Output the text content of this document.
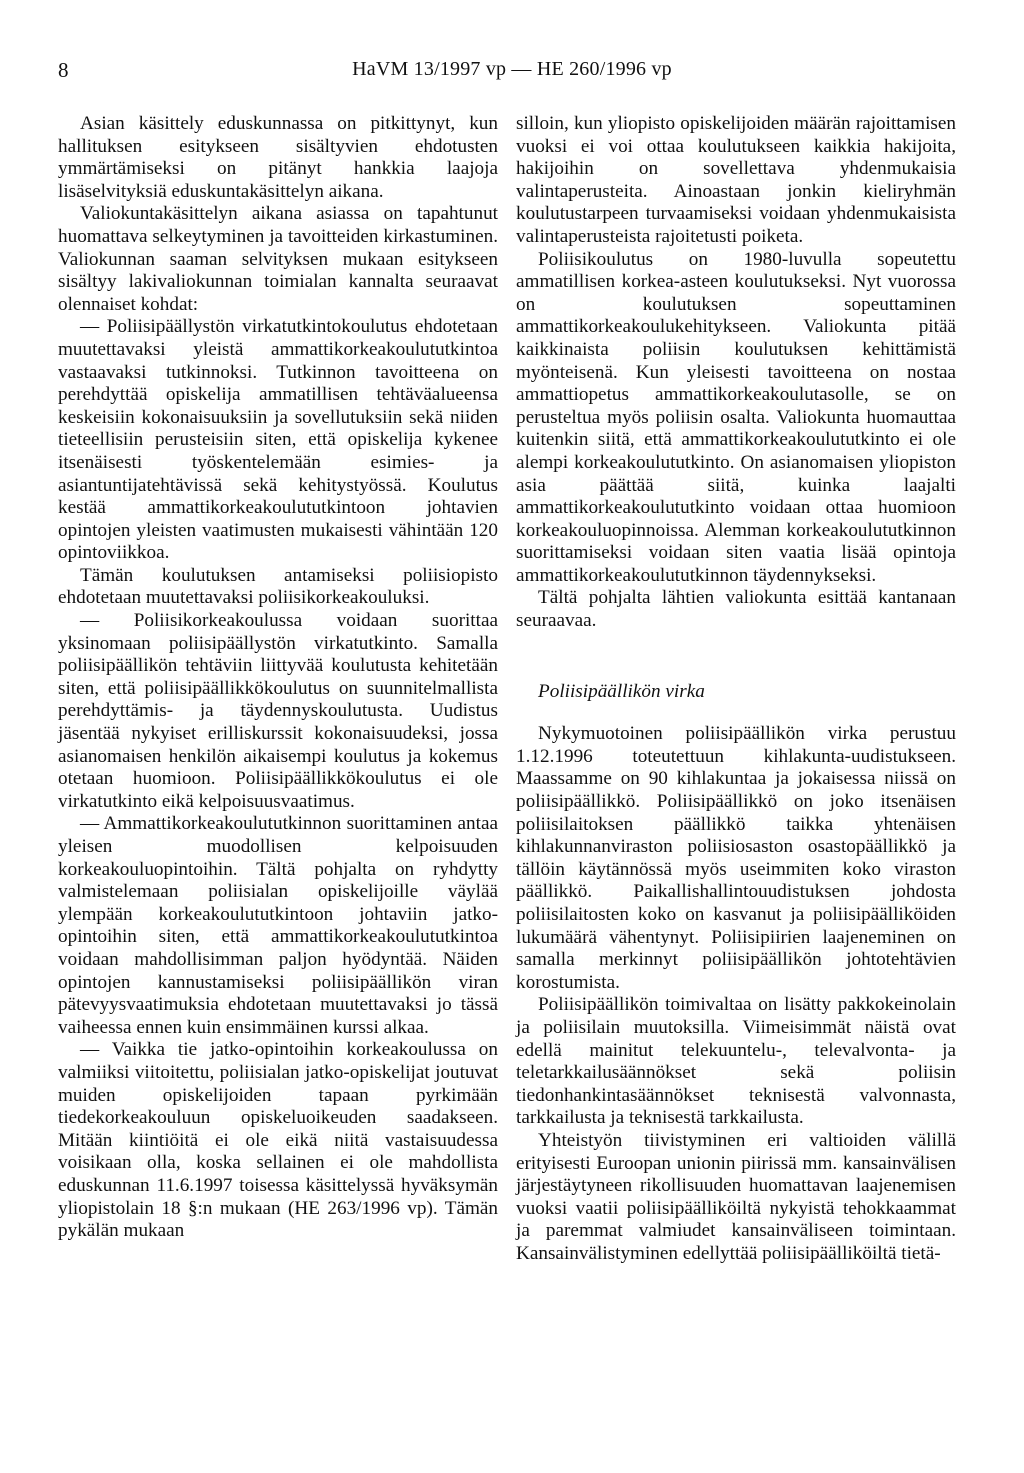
8	HaVM 13/1997 vp — HE 260/1996 vp

Asian käsittely eduskunnassa on pitkittynyt, kun hallituksen esitykseen sisältyvien ehdotusten ymmärtämiseksi on pitänyt hankkia laajoja lisäselvityksiä eduskuntakäsittelyn aikana.

Valiokuntakäsittelyn aikana asiassa on tapahtunut huomattava selkeytyminen ja tavoitteiden kirkastuminen. Valiokunnan saaman selvityksen mukaan esitykseen sisältyy lakivaliokunnan toimialan kannalta seuraavat olennaiset kohdat:

— Poliisipäällystön virkatutkintokoulutus ehdotetaan muutettavaksi yleistä ammattikorkeakoulututkintoa vastaavaksi tutkinnoksi. Tutkinnon tavoitteena on perehdyttää opiskelija ammatillisen tehtäväalueensa keskeisiin kokonaisuuksiin ja sovellutuksiin sekä niiden tieteellisiin perusteisiin siten, että opiskelija kykenee itsenäisesti työskentelemään esimies- ja asiantuntijatehtävissä sekä kehitystyössä. Koulutus kestää ammattikorkeakoulututkintoon johtavien opintojen yleisten vaatimusten mukaisesti vähintään 120 opintoviikkoa.

Tämän koulutuksen antamiseksi poliisiopisto ehdotetaan muutettavaksi poliisikorkeakouluksi.

— Poliisikorkeakoulussa voidaan suorittaa yksinomaan poliisipäällystön virkatutkinto. Samalla poliisipäällikön tehtäviin liittyvää koulutusta kehitetään siten, että poliisipäällikkökoulutus on suunnitelmallista perehdyttämis- ja täydennyskoulutusta. Uudistus jäsentää nykyiset erilliskurssit kokonaisuudeksi, jossa asianomaisen henkilön aikaisempi koulutus ja kokemus otetaan huomioon. Poliisipäällikkökoulutus ei ole virkatutkinto eikä kelpoisuusvaatimus.

— Ammattikorkeakoulututkinnon suorittaminen antaa yleisen muodollisen kelpoisuuden korkeakouluopintoihin. Tältä pohjalta on ryhdytty valmistelemaan poliisialan opiskelijoille väylää ylempään korkeakoulututkintoon johtaviin jatko-opintoihin siten, että ammattikorkeakoulututkintoa voidaan mahdollisimman paljon hyödyntää. Näiden opintojen kannustamiseksi poliisipäällikön viran pätevyysvaatimuksia ehdotetaan muutettavaksi jo tässä vaiheessa ennen kuin ensimmäinen kurssi alkaa.

— Vaikka tie jatko-opintoihin korkeakoulussa on valmiiksi viitoitettu, poliisialan jatko-opiskelijat joutuvat muiden opiskelijoiden tapaan pyrkimään tiedekorkeakouluun opiskeluoikeuden saadakseen. Mitään kiintiöitä ei ole eikä niitä vastaisuudessa voisikaan olla, koska sellainen ei ole mahdollista eduskunnan 11.6.1997 toisessa käsittelyssä hyväksymän yliopistolain 18 §:n mukaan (HE 263/1996 vp). Tämän pykälän mukaan

silloin, kun yliopisto opiskelijoiden määrän rajoittamisen vuoksi ei voi ottaa koulutukseen kaikkia hakijoita, hakijoihin on sovellettava yhdenmukaisia valintaperusteita. Ainoastaan jonkin kieliryhmän koulutustarpeen turvaamiseksi voidaan yhdenmukaisista valintaperusteista rajoitetusti poiketa.

Poliisikoulutus on 1980-luvulla sopeutettu ammatillisen korkea-asteen koulutukseksi. Nyt vuorossa on koulutuksen sopeuttaminen ammattikorkeakoulukehitykseen. Valiokunta pitää kaikkinaista poliisin koulutuksen kehittämistä myönteisenä. Kun yleisesti tavoitteena on nostaa ammattiopetus ammattikorkeakoulutasolle, se on perusteltua myös poliisin osalta. Valiokunta huomauttaa kuitenkin siitä, että ammattikorkeakoulututkinto ei ole alempi korkeakoulututkinto. On asianomaisen yliopiston asia päättää siitä, kuinka laajalti ammattikorkeakoulututkinto voidaan ottaa huomioon korkeakouluopinnoissa. Alemman korkeakoulututkinnon suorittamiseksi voidaan siten vaatia lisää opintoja ammattikorkeakoulututkinnon täydennykseksi.

Tältä pohjalta lähtien valiokunta esittää kantanaan seuraavaa.

Poliisipäällikön virka

Nykymuotoinen poliisipäällikön virka perustuu 1.12.1996 toteutettuun kihlakunta-uudistukseen. Maassamme on 90 kihlakuntaa ja jokaisessa niissä on poliisipäällikkö. Poliisipäällikkö on joko itsenäisen poliisilaitoksen päällikkö taikka yhtenäisen kihlakunnanviraston poliisiosaston osastopäällikkö ja tällöin käytännössä myös useimmiten koko viraston päällikkö. Paikallishallintouudistuksen johdosta poliisilaitosten koko on kasvanut ja poliisipäälliköiden lukumäärä vähentynyt. Poliisipiirien laajeneminen on samalla merkinnyt poliisipäällikön johtotehtävien korostumista.

Poliisipäällikön toimivaltaa on lisätty pakkokeinolain ja poliisilain muutoksilla. Viimeisimmät näistä ovat edellä mainitut telekuuntelu-, televalvonta- ja teletarkkailusäännökset sekä poliisin tiedonhankintasäännökset teknisestä valvonnasta, tarkkailusta ja teknisestä tarkkailusta.

Yhteistyön tiivistyminen eri valtioiden välillä erityisesti Euroopan unionin piirissä mm. kansainvälisen järjestäytyneen rikollisuuden huomattavan laajenemisen vuoksi vaatii poliisipäälliköiltä nykyistä tehokkaammat ja paremmat valmiudet kansainväliseen toimintaan. Kansainvälistyminen edellyttää poliisipäälliköiltä tietä-
